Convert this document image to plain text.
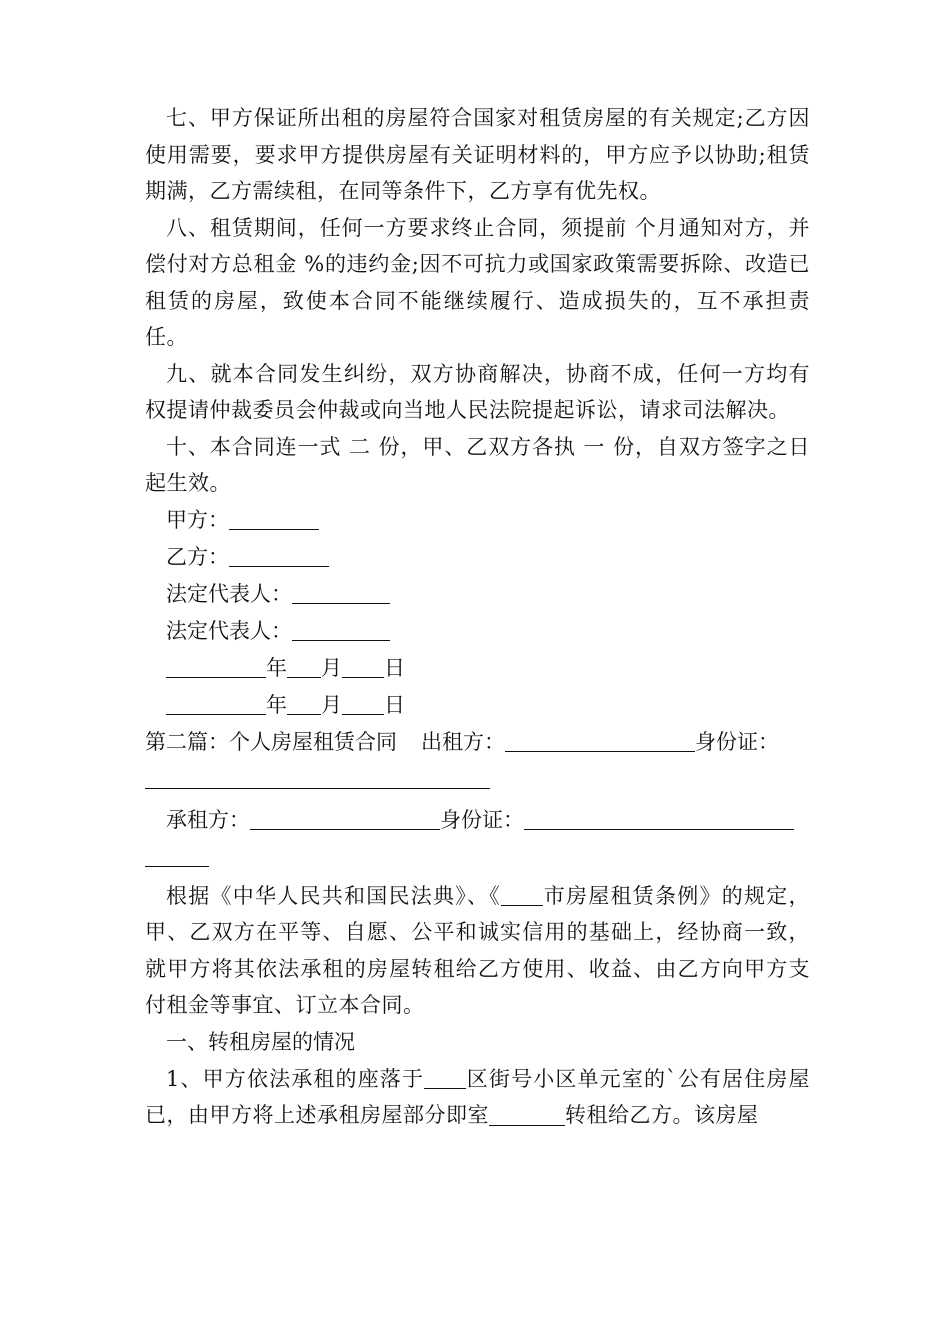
七、甲方保证所出租的房屋符合国家对租赁房屋的有关规定;乙方因使用需要，要求甲方提供房屋有关证明材料的，甲方应予以协助;租赁期满，乙方需续租，在同等条件下，乙方享有优先权。

八、租赁期间，任何一方要求终止合同，须提前 个月通知对方，并偿付对方总租金 %的违约金;因不可抗力或国家政策需要拆除、改造已租赁的房屋，致使本合同不能继续履行、造成损失的，互不承担责任。

九、就本合同发生纠纷，双方协商解决，协商不成，任何一方均有权提请仲裁委员会仲裁或向当地人民法院提起诉讼，请求司法解决。

十、本合同连一式 二 份，甲、乙双方各执 一 份，自双方签字之日起生效。

甲方：

乙方：

法定代表人：

法定代表人：

年 月 日

年 月 日

第二篇：个人房屋租赁合同 出租方：	身份证：

承租方：	身份证：

根据《中华人民共和国民法典》、《 市房屋租赁条例》的规定，甲、乙双方在平等、自愿、公平和诚实信用的基础上，经协商一致，就甲方将其依法承租的房屋转租给乙方使用、收益、由乙方向甲方支付租金等事宜、订立本合同。

一、转租房屋的情况

1、甲方依法承租的座落于 区街号小区单元室的`公有居住房屋已，由甲方将上述承租房屋部分即室	转租给乙方。该房屋
